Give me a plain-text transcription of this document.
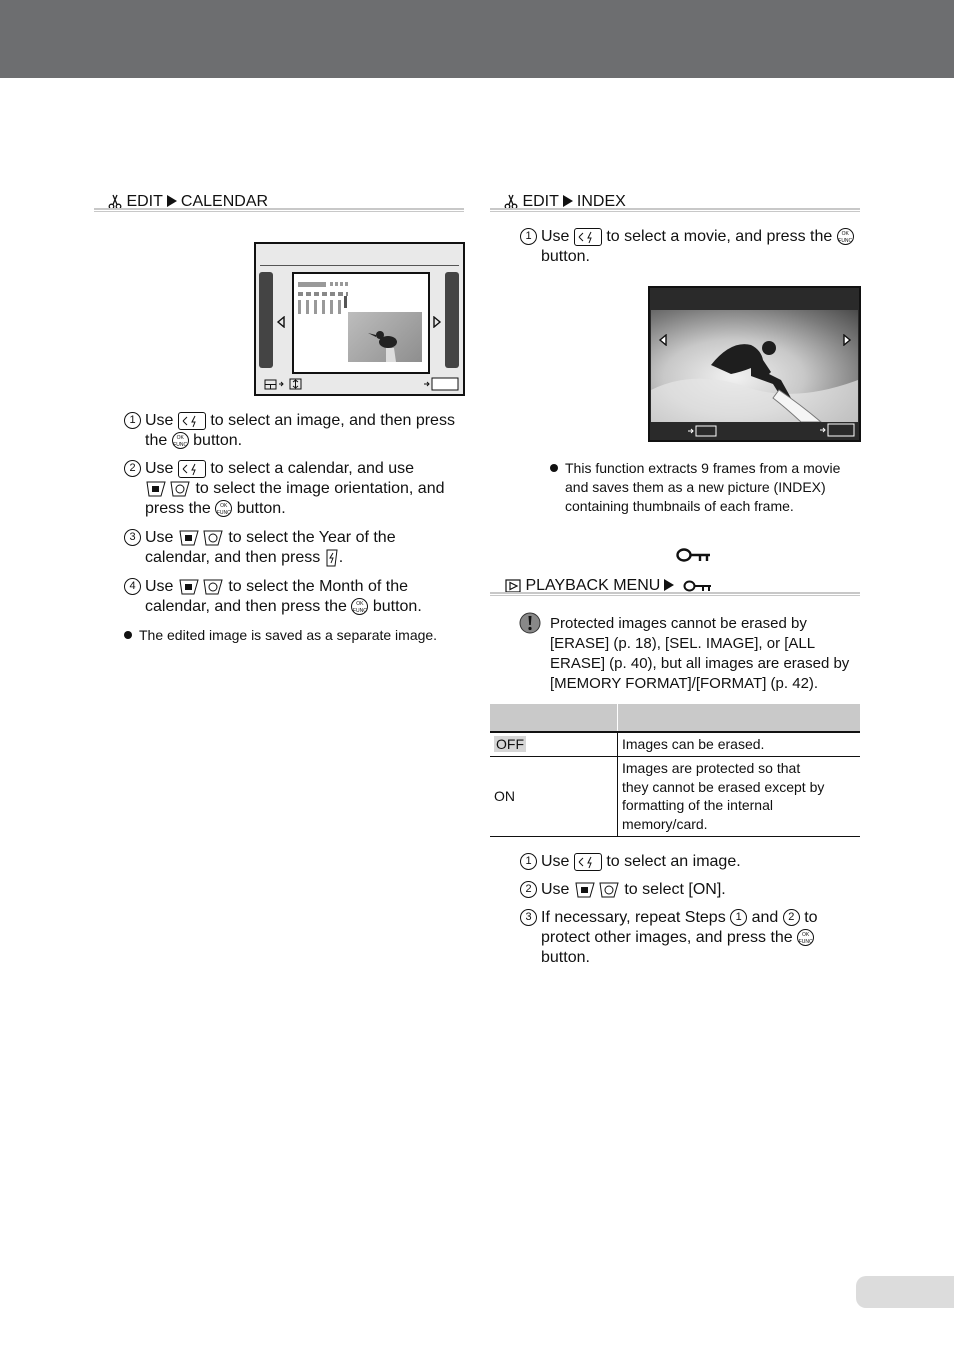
EDIT CALENDAR
1 Use to select an image, and then press the OK
FUNC button.
2 Use to select a calendar, and use  to select the image orientation, and press the OK
FUNC button.
3 Use	to select the Year of the calendar, and then press .
4 Use	to select the Month of the calendar, and then press the OK
FUNC button.
The edited image is saved as a separate image.
EDIT INDEX
1 Use to select a movie, and press the OK
FUNC button.
This function extracts 9 frames from a movie and saves them as a new picture (INDEX) containing thumbnails of each frame.
PLAYBACK MENU
Protected images cannot be erased by [ERASE] (p. 18), [SEL. IMAGE], or [ALL ERASE] (p. 40), but all images are erased by [MEMORY FORMAT]/[FORMAT] (p. 42).

OFF	Images can be erased.
ON	Images are protected so that they cannot be erased except by formatting of the internal memory/card.
1 Use to select an image.
2 Use	to select [ON].
3 If necessary, repeat Steps 1 and 2 to protect other images, and press the OK
FUNC button.
